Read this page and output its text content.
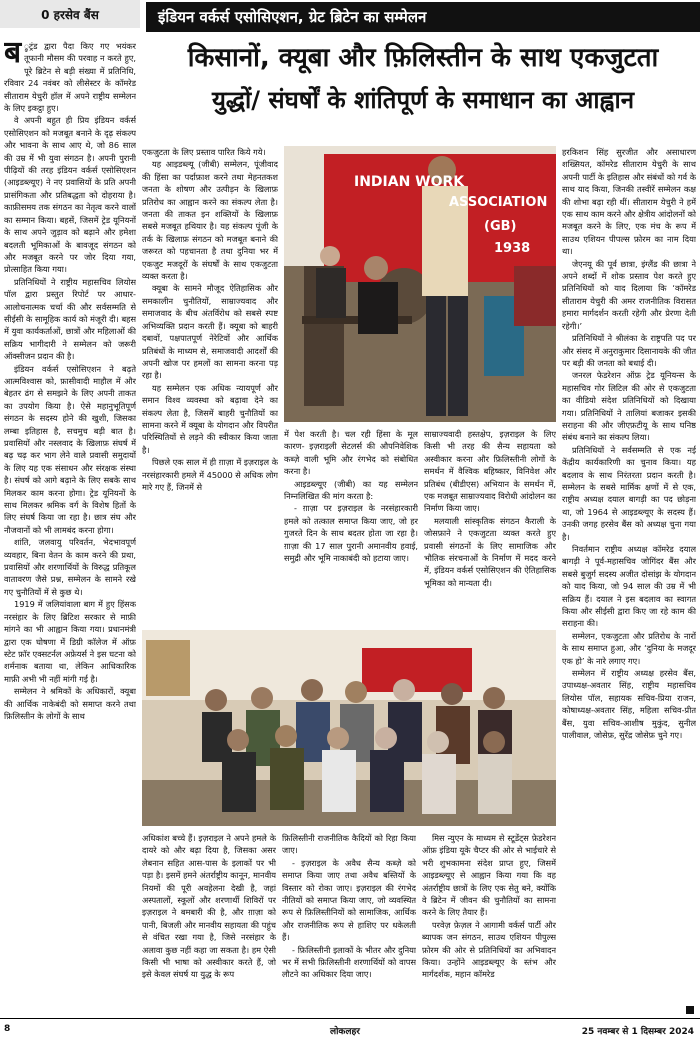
0 हरसेव बैंस	इंडियन वर्कर्स एसोसिएशन, ग्रेट ब्रिटेन का सम्मेलन
किसानों, क्यूबा और फ़िलिस्तीन के साथ एकजुटता
युद्धों/ संघर्षों के शांतिपूर्ण के समाधान का आह्वान

ब ्रुट्रंड द्वारा पैदा किए गए भयंकर तूफानी मौसम की परवाह न करते हुए, पूरे ब्रिटेन से बड़ी संख्या में प्रतिनिधि, रविवार 24 नवंबर को लीसेस्टर के कॉमरेड सीताराम येचुरी हॉल में अपने राष्ट्रीय सम्मेलन के लिए इकट्ठा हुए।

वे अपनी बहुत ही प्रिय इंडियन वर्कर्स एसोसिएशन को मजबूत बनाने के दृढ़ संकल्प और भावना के साथ आए थे, जो 86 साल की उम्र में भी युवा संगठन है। अपनी पुरानी पीढ़ियों की तरह इंडियन वर्कर्स एसोसिएशन (आइडब्ल्यूए) ने नए प्रवासियों के प्रति अपनी प्रासंगिकता और प्रतिबद्धता को दोहराया है। काफ़ीसमय तक संगठन का नेतृत्व करने वालों का सम्मान किया। बहसें, जिसमें ट्रेड यूनियनों के साथ अपने जुड़ाव को बढ़ाने और हमेशा बदलती भूमिकाओं के बावजूद संगठन को और मजबूत करने पर जोर दिया गया, प्रोत्साहित किया गया।

प्रतिनिधियों ने राष्ट्रीय महासचिव लियोस पॉल द्वारा प्रस्तुत रिपोर्ट पर आधार-आलोचनात्मक चर्चा की और सर्वसम्मति से सीईसी के सामूहिक कार्य को मंजूरी दी। बहस में युवा कार्यकर्ताओं, छात्रों और महिलाओं की सक्रिय भागीदारी ने सम्मेलन को जरूरी ऑक्सीजन प्रदान की है।

इंडियन वर्कर्स एसोसिएशन ने बढ़ते आत्मविश्वास को, फ़ासीवादी माहौल में और बेहतर ढंग से समझने के लिए अपनी ताकत का उपयोग किया है। ऐसे महानुभूतिपूर्ण संगठन के सदस्य होने की खुशी, जिसका लम्बा इतिहास है, सचमुच बड़ी बात है। प्रवासियों और नस्लवाद के खिलाफ़ संघर्ष में बढ़ चढ़ कर भाग लेने वाले प्रवासी समुदायों के लिए यह एक संसाधन और संरक्षक संस्था है। संघर्ष को आगे बढ़ाने के लिए सबके साथ मिलकर काम करना होगा। ट्रेड यूनियनों के साथ मिलकर श्रमिक वर्ग के विशेष हितों के लिए संघर्ष किया जा रहा है। छात्र संघ और नौजवानों को भी लामबंद करना होगा।

शांति, जलवायु परिवर्तन, भेदभावपूर्ण व्यवहार, बिना वेतन के काम करने की प्रथा, प्रवासियों और शरणार्थियों के विरुद्ध प्रतिकूल वातावरण जैसे प्रश्न, सम्मेलन के सामने रखे गए चुनौतियों में से कुछ थे।

1919 में जलियांवाला बाग में हुए हिंसक नरसंहार के लिए ब्रिटिश सरकार से माफ़ी मांगने का भी आह्वान किया गया। प्रधानमंत्री द्वारा एक घोषणा में डिग्री कॉलेज में ऑफ़ स्टेट फ़ॉर एक्सटर्नल अफ़ेयर्स ने इस घटना को शर्मनाक बताया था, लेकिन आधिकारिक माफ़ी अभी भी नहीं मांगी गई है।

सम्मेलन ने श्रमिकों के अधिकारों, क्यूबा की आर्थिक नाकेबंदी को समाप्त करने तथा फ़िलिस्तीन के लोगों के साथ

एकजुटता के लिए प्रस्ताव पारित किये गये।

यह आइडब्ल्यू (जीबी) सम्मेलन, पूंजीवाद की हिंसा का पर्दाफ़ाश करने तथा मेहनतकश जनता के शोषण और उत्पीड़न के खिलाफ़ प्रतिरोध का आह्वान करने का संकल्प लेता है। जनता की ताकत इन शक्तियों के खिलाफ़ सबसे मजबूत हथियार है। यह संकल्प पूंजी के तर्क के खिलाफ़ संगठन को मजबूत बनाने की जरूरत को पहचानता है तथा दुनिया भर में एकजुट मजदूरों के संघर्षों के साथ एकजुटता व्यक्त करता है।

क्यूबा के सामने मौजूद ऐतिहासिक और समकालीन चुनौतियों, साम्राज्यवाद और समाजवाद के बीच अंतर्विरोध को सबसे स्पष्ट अभिव्यक्ति प्रदान करती हैं। क्यूबा को बाहरी दबावों, पक्षपातपूर्ण नेरेटिवों और आर्थिक प्रतिबंधों के माध्यम से, समाजवादी आदर्शों की अपनी खोज पर हमलों का सामना करना पड़ रहा है।

यह सम्मेलन एक अधिक न्यायपूर्ण और समान विश्व व्यवस्था को बढ़ावा देने का संकल्प लेता है, जिसमें बाहरी चुनौतियों का सामना करने में क्यूबा के योगदान और विपरीत परिस्थितियों से लड़ने की स्वीकार किया जाता है।

पिछले एक साल में ही ग़ाज़ा में इज़राइल के नरसंहारकारी हमले में 45000 से अधिक लोग मारे गए हैं, जिनमें से

INDIAN WORK
ASSOCIATION
(GB)
1938

हरकिशन सिंह सुरजीत और असाधारण शख्सियत, कॉमरेड सीताराम येचुरी के साथ अपनी पार्टी के इतिहास और संबंधों को गर्व के साथ याद किया, जिनकी तस्वीरें सम्मेलन कक्ष की शोभा बढ़ा रही थीं। सीताराम येचुरी ने हमें एक साथ काम करने और क्षेत्रीय आंदोलनों को मजबूत करने के लिए, एक मंच के रूप में साउथ एशियन पीपल्स फ़ोरम का नाम दिया था।

जेएनयू की पूर्व छात्रा, इंग्लैंड की छात्रा ने अपने शब्दों में शोक प्रस्ताव पेश करते हुए प्रतिनिधियों को याद दिलाया कि ‘कॉमरेड सीताराम येचुरी की अमर राजनीतिक विरासत हमारा मार्गदर्शन करती रहेगी और प्रेरणा देती रहेगी।’

प्रतिनिधियों ने श्रीलंका के राष्ट्रपति पद पर और संसद में अनुराकुमार दिसानायके की जीत पर बड़ी की जनता को बधाई दी।

जनरल फेडरेशन ऑफ़ ट्रेड यूनियन्स के महासचिव गोर लिटिल की ओर से एकजुटता का वीडियो संदेश प्रतिनिधियों को दिखाया गया। प्रतिनिधियों ने तालियां बजाकर इसकी सराहना की और जीएफ़टीयू के साथ घनिष्ठ संबंध बनाने का संकल्प लिया।

प्रतिनिधियों ने सर्वसम्मति से एक नई केंद्रीय कार्यकारिणी का चुनाव किया। यह बदलाव के साथ निरंतरता प्रदान करती है। सम्मेलन के सबसे मार्मिक क्षणों में से एक, राष्ट्रीय अध्यक्ष दयाल बागड़ी का पद छोड़ना था, जो 1964 से आइडब्ल्यूए के सदस्य हैं। उनकी जगह हरसेव बैंस को अध्यक्ष चुना गया है।

निवर्तमान राष्ट्रीय अध्यक्ष कॉमरेड दयाल बागड़ी ने पूर्व-महासचिव जोगिंदर बैंस और सबसे बुजुर्ग सदस्य अजीत दोसांझ के योगदान को याद किया, जो 94 साल की उम्र में भी सक्रिय हैं। दयाल ने इस बदलाव का स्वागत किया और सीईसी द्वारा किए जा रहे काम की सराहना की।

सम्मेलन, एकजुटता और प्रतिरोध के नारों के साथ समाप्त हुआ, और ‘दुनिया के मजदूर एक हो’ के नारे लगाए गए।

सम्मेलन में राष्ट्रीय अध्यक्ष हरसेव बैंस, उपाध्यक्ष-अवतार सिंह, राष्ट्रीय महासचिव लियोस पॉल, सहायक सचिव-प्रिया राजन, कोषाध्यक्ष-अवतार सिंह, महिला सचिव-प्रीत बैंस, युवा सचिव-आशीष मुकुंद, सुनील पालीवाल, जोसेफ़, सुरेंद्र जोसेफ़ चुने गए।

में पेश करती है। चल रही हिंसा के मूल कारण- इज़राइली सेटलर्स की औपनिवेशिक कब्ज़े वाली भूमि और रंगभेद को संबोधित करना है।

आइडब्ल्यूए (जीबी) का यह सम्मेलन निम्नलिखित की मांग करता है:

- ग़ाज़ा पर इज़राइल के नरसंहारकारी हमले को तत्काल समाप्त किया जाए, जो हर गुजरते दिन के साथ बदतर होता जा रहा है। ग़ाज़ा की 17 साल पुरानी अमानवीय हवाई, समुद्री और भूमि नाकाबंदी को हटाया जाए।

साम्राज्यवादी हस्तक्षेप, इज़राइल के लिए किसी भी तरह की सैन्य सहायता को अस्वीकार करना और फ़िलिस्तीनी लोगों के समर्थन में वैश्विक बहिष्कार, विनिवेश और प्रतिबंध (बीडीएस) अभियान के समर्थन में, एक मजबूत साम्राज्यवाद विरोधी आंदोलन का निर्माण किया जाए।

मलयाली सांस्कृतिक संगठन कैराली के जोसफ़ाने ने एकजुटता व्यक्त करते हुए प्रवासी संगठनों के लिए सामाजिक और भौतिक संरचनाओं के निर्माण में मदद करने में, इंडियन वर्कर्स एसोसिएशन की ऐतिहासिक भूमिका को मान्यता दी।

अधिकांश बच्चे हैं। इज़राइल ने अपने हमले के दायरे को और बढ़ा दिया है, जिसका असर लेबनान सहित आस-पास के इलाकों पर भी पड़ा है। इसमें हमने अंतर्राष्ट्रीय कानून, मानवीय नियमों की पूरी अवहेलना देखी है, जहां अस्पतालों, स्कूलों और शरणार्थी शिविरों पर इज़राइल ने बमबारी की है, और ग़ाज़ा को पानी, बिजली और मानवीय सहायता की पहुंच से वंचित रखा गया है, जिसे नरसंहार के अलावा कुछ नहीं कहा जा सकता है। हम ऐसी किसी भी भाषा को अस्वीकार करते हैं, जो इसे केवल संघर्ष या युद्ध के रूप

फ़िलिस्तीनी राजनीतिक कैदियों को रिहा किया जाए।

- इज़राइल के अवैध सैन्य कब्ज़े को समाप्त किया जाए तथा अवैध बस्तियों के विस्तार को रोका जाए। इज़राइल की रंगभेद नीतियों को समाप्त किया जाए, जो व्यवस्थित रूप से फ़िलिस्तीनियों को सामाजिक, आर्थिक और राजनीतिक रूप से हाशिए पर धकेलती हैं।

- फ़िलिस्तीनी इलाकों के भीतर और दुनिया भर में सभी फ़िलिस्तीनी शरणार्थियों को वापस लौटने का अधिकार दिया जाए।

मिस न्युएन के माध्यम से स्टूडेंट्स फ़ेडरेशन ऑफ़ इंडिया यूके चैप्टर की ओर से भाईचारे से भरी शुभकामना संदेश प्राप्त हुए, जिसमें आइडब्ल्यूए से आह्वान किया गया कि वह अंतर्राष्ट्रीय छात्रों के लिए एक सेतु बने, क्योंकि वे ब्रिटेन में जीवन की चुनौतियों का सामना करने के लिए तैयार हैं।

परवेज़ फ़ेज़ल ने आगामी वर्कर्स पार्टी और ब्यापक जन संगठन, साउथ एशियन पीपुल्स फ़ोरम की ओर से प्रतिनिधियों का अभिवादन किया। उन्होंने आइडब्ल्यूए के स्तंभ और मार्गदर्शक, महान कॉमरेड

8	लोकलहर	25 नवम्बर से 1 दिसम्बर 2024
